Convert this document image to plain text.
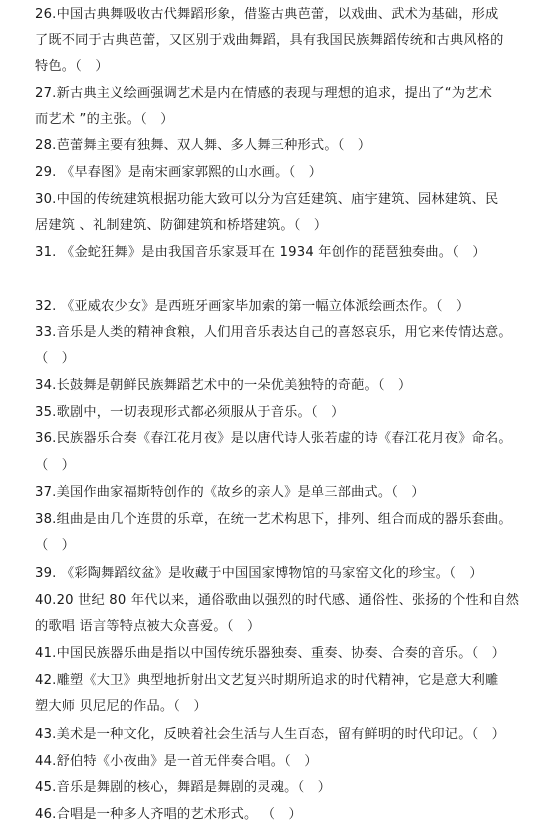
26.中国古典舞吸收古代舞蹈形象，借鉴古典芭蕾，以戏曲、武术为基础，形成
了既不同于古典芭蕾，又区别于戏曲舞蹈，具有我国民族舞蹈传统和古典风格的
特色。（　）
27.新古典主义绘画强调艺术是内在情感的表现与理想的追求，提出了“为艺术
而艺术 ”的主张。（　）
28.芭蕾舞主要有独舞、双人舞、多人舞三种形式。（　）
29. 《早春图》是南宋画家郭熙的山水画。（　）
30.中国的传统建筑根据功能大致可以分为宫廷建筑、庙宇建筑、园林建筑、民
居建筑 、礼制建筑、防御建筑和桥塔建筑。（　）
31. 《金蛇狂舞》是由我国音乐家聂耳在 1934 年创作的琵琶独奏曲。（　）
32. 《亚威农少女》是西班牙画家毕加索的第一幅立体派绘画杰作。（　）
33.音乐是人类的精神食粮，人们用音乐表达自己的喜怒哀乐，用它来传情达意。
（　）
34.长鼓舞是朝鲜民族舞蹈艺术中的一朵优美独特的奇葩。（　）
35.歌剧中，一切表现形式都必须服从于音乐。（　）
36.民族器乐合奏《春江花月夜》是以唐代诗人张若虚的诗《春江花月夜》命名。
（　）
37.美国作曲家福斯特创作的《故乡的亲人》是单三部曲式。（　）
38.组曲是由几个连贯的乐章，在统一艺术构思下，排列、组合而成的器乐套曲。
（　）
39. 《彩陶舞蹈纹盆》是收藏于中国国家博物馆的马家窑文化的珍宝。（　）
40.20 世纪 80 年代以来，通俗歌曲以强烈的时代感、通俗性、张扬的个性和自然
的歌唱 语言等特点被大众喜爱。（　）
41.中国民族器乐曲是指以中国传统乐器独奏、重奏、协奏、合奏的音乐。（　）
42.雕塑《大卫》典型地折射出文艺复兴时期所追求的时代精神，它是意大利雕
塑大师 贝尼尼的作品。（　）
43.美术是一种文化，反映着社会生活与人生百态，留有鲜明的时代印记。（　）
44.舒伯特《小夜曲》是一首无伴奏合唱。（　）
45.音乐是舞剧的核心，舞蹈是舞剧的灵魂。（　）
46.合唱是一种多人齐唱的艺术形式。 （　）
